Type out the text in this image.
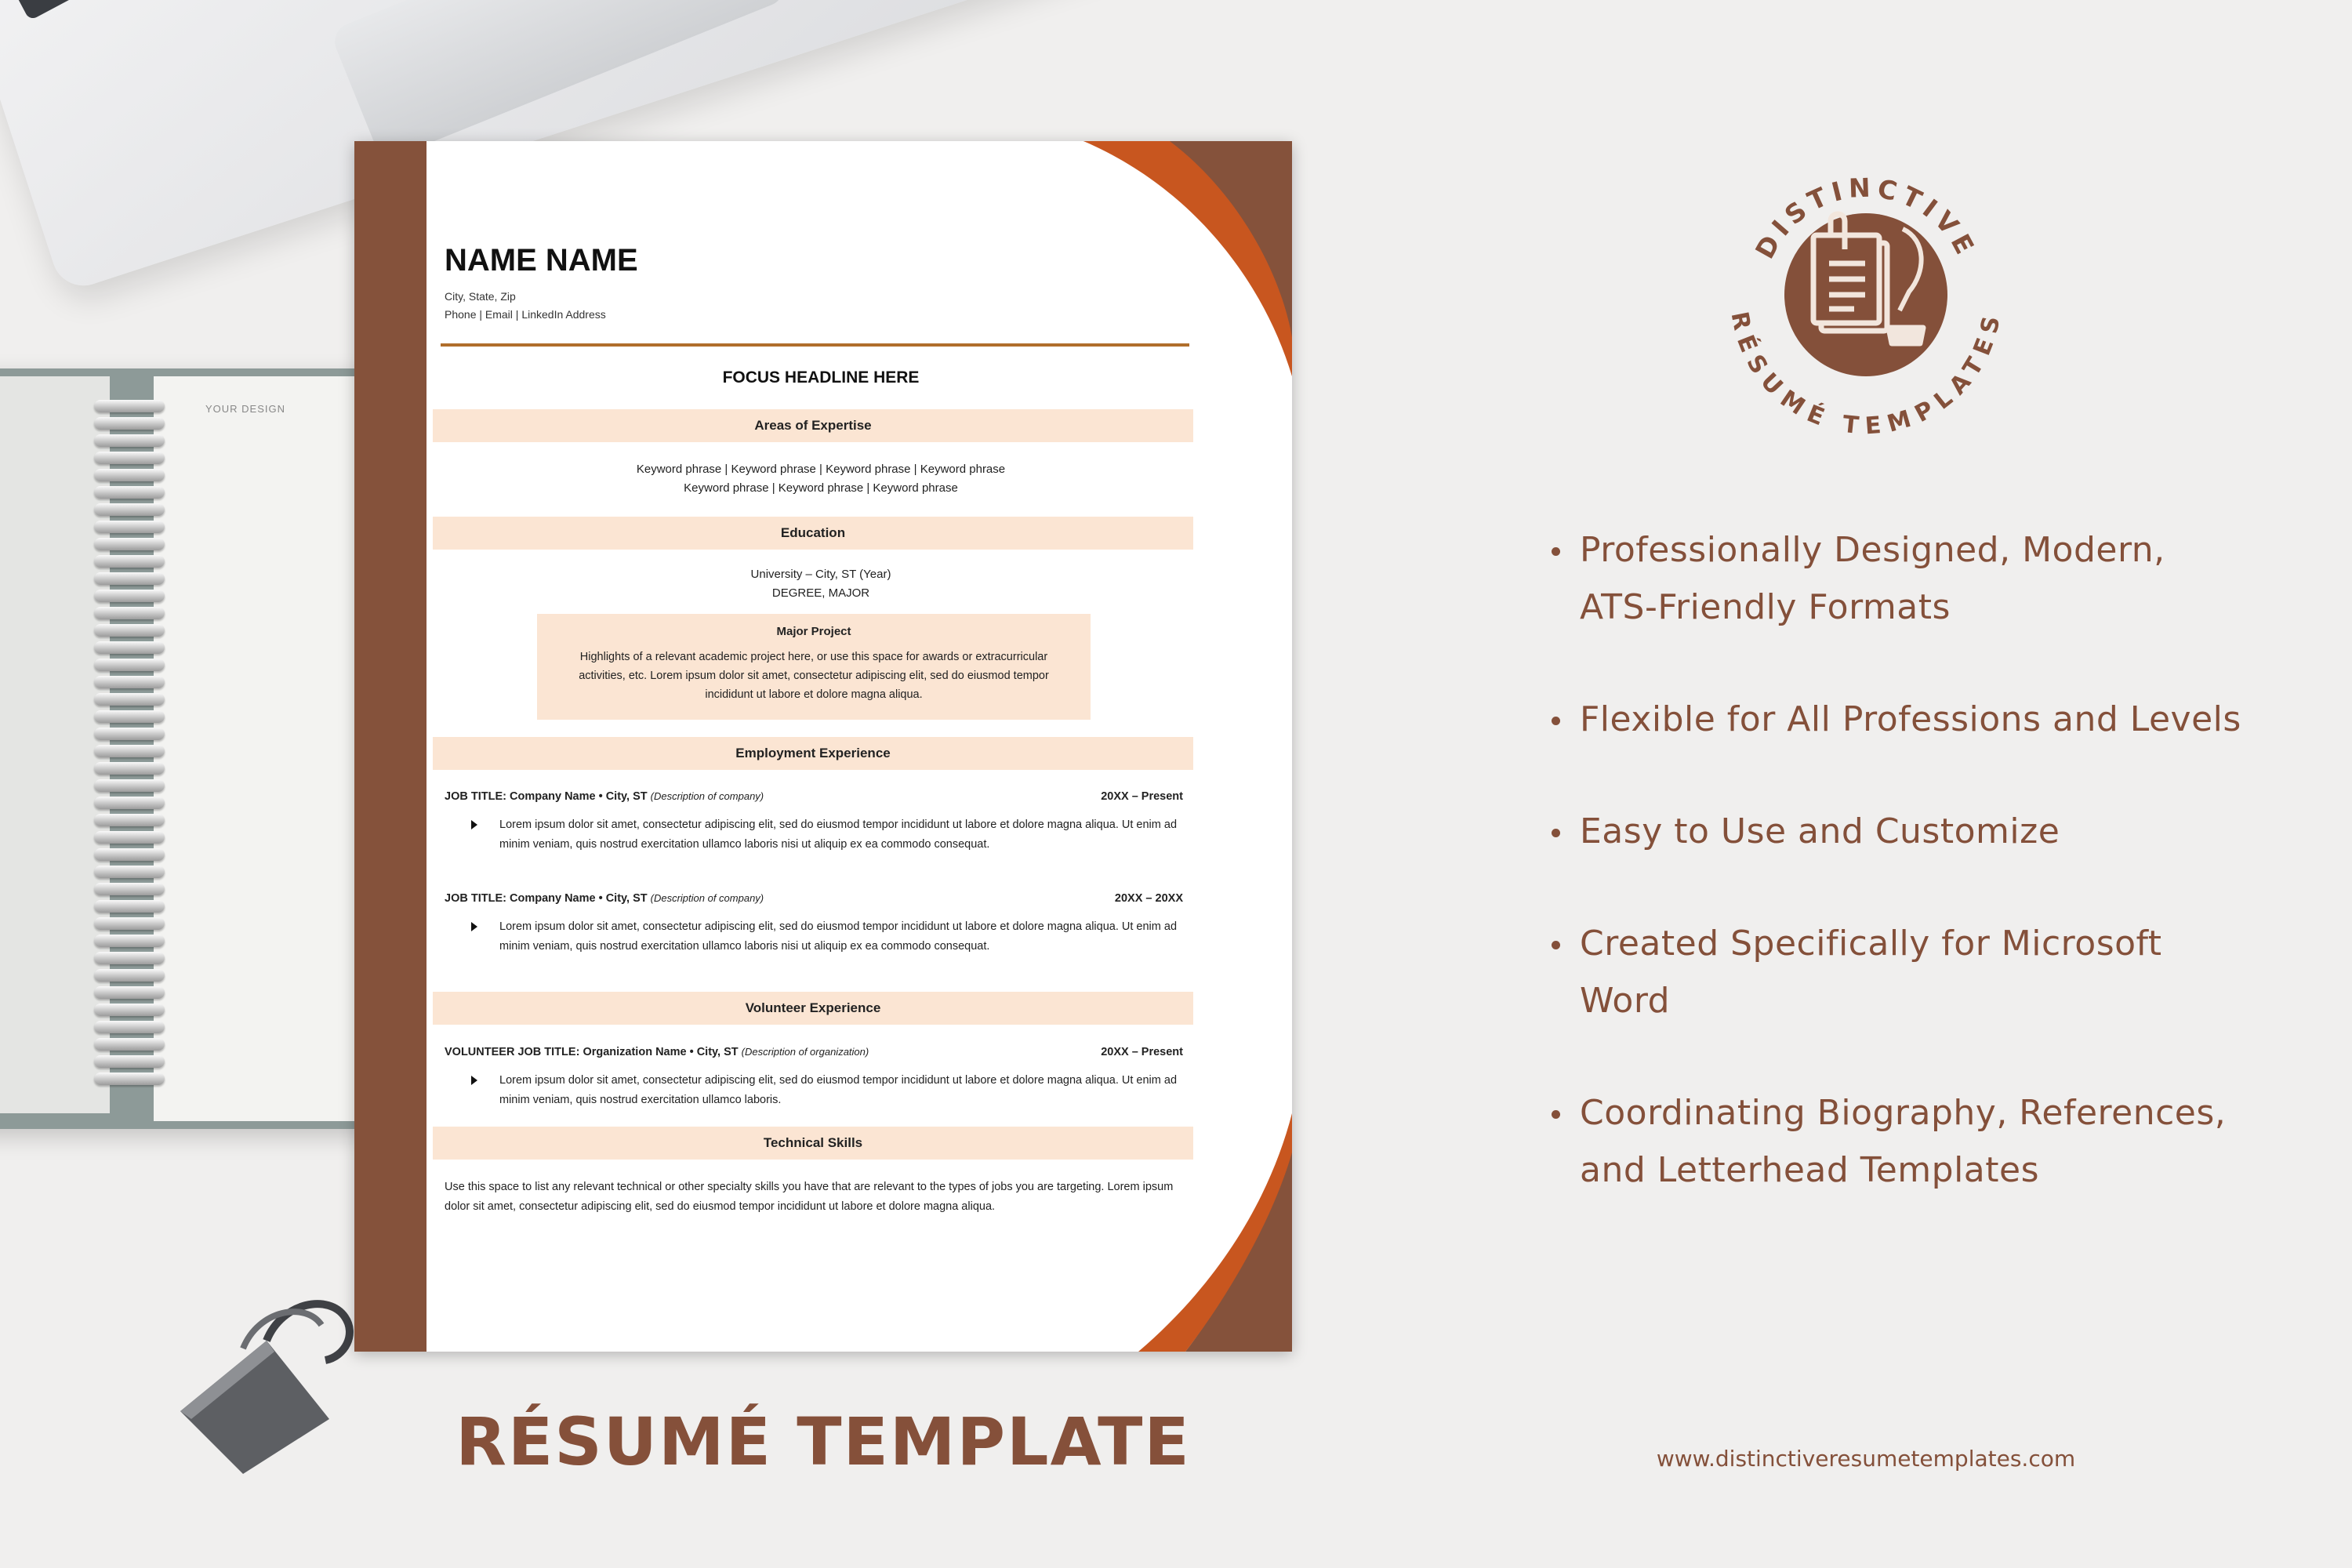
YOUR DESIGN
NAME NAME
City, State, Zip
Phone | Email | LinkedIn Address
FOCUS HEADLINE HERE
Areas of Expertise
Keyword phrase | Keyword phrase | Keyword phrase | Keyword phrase
Keyword phrase | Keyword phrase | Keyword phrase
Education
University – City, ST (Year)
DEGREE, MAJOR
Major Project
Highlights of a relevant academic project here, or use this space for awards or extracurricular activities, etc. Lorem ipsum dolor sit amet, consectetur adipiscing elit, sed do eiusmod tempor incididunt ut labore et dolore magna aliqua.
Employment Experience
JOB TITLE: Company Name • City, ST (Description of company)	20XX – Present
Lorem ipsum dolor sit amet, consectetur adipiscing elit, sed do eiusmod tempor incididunt ut labore et dolore magna aliqua. Ut enim ad minim veniam, quis nostrud exercitation ullamco laboris nisi ut aliquip ex ea commodo consequat.
JOB TITLE: Company Name • City, ST (Description of company)	20XX – 20XX
Lorem ipsum dolor sit amet, consectetur adipiscing elit, sed do eiusmod tempor incididunt ut labore et dolore magna aliqua. Ut enim ad minim veniam, quis nostrud exercitation ullamco laboris nisi ut aliquip ex ea commodo consequat.
Volunteer Experience
VOLUNTEER JOB TITLE: Organization Name • City, ST (Description of organization)	20XX – Present
Lorem ipsum dolor sit amet, consectetur adipiscing elit, sed do eiusmod tempor incididunt ut labore et dolore magna aliqua. Ut enim ad minim veniam, quis nostrud exercitation ullamco laboris.
Technical Skills
Use this space to list any relevant technical or other specialty skills you have that are relevant to the types of jobs you are targeting. Lorem ipsum dolor sit amet, consectetur adipiscing elit, sed do eiusmod tempor incididunt ut labore et dolore magna aliqua.
DISTINCTIVE
RÉSUMÉ TEMPLATES
Professionally Designed, Modern, ATS-Friendly Formats
Flexible for All Professions and Levels
Easy to Use and Customize
Created Specifically for Microsoft Word
Coordinating Biography, References, and Letterhead Templates
RÉSUMÉ TEMPLATE	www.distinctiveresumetemplates.com
